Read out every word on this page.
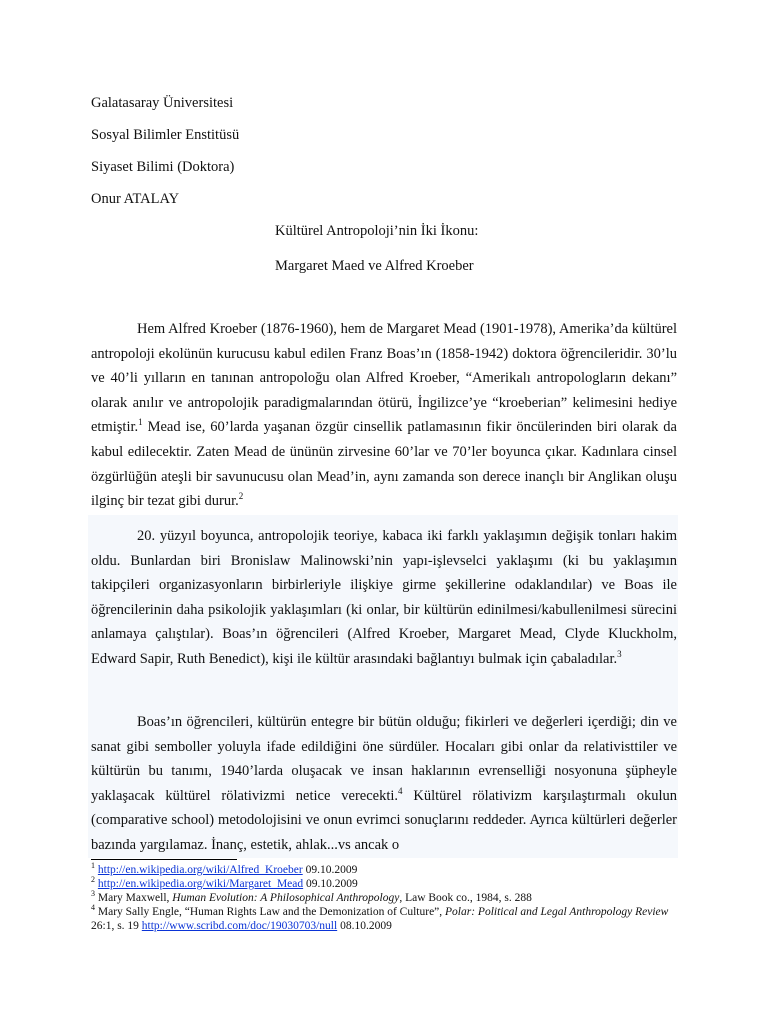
Galatasaray Üniversitesi
Sosyal Bilimler Enstitüsü
Siyaset Bilimi (Doktora)
Onur ATALAY
Kültürel Antropoloji’nin İki İkonu:
Margaret Maed ve Alfred Kroeber

Hem Alfred Kroeber (1876-1960), hem de Margaret Mead (1901-1978), Amerika’da kültürel antropoloji ekolünün kurucusu kabul edilen Franz Boas’ın (1858-1942) doktora öğrencileridir. 30’lu ve 40’li yılların en tanınan antropoloğu olan Alfred Kroeber, “Amerikalı antropologların dekanı” olarak anılır ve antropolojik paradigmalarından ötürü, İngilizce’ye “kroeberian” kelimesini hediye etmiştir.$^1$ Mead ise, 60’larda yaşanan özgür cinsellik patlamasının fikir öncülerinden biri olarak da kabul edilecektir. Zaten Mead de ününün zirvesine 60’lar ve 70’ler boyunca çıkar. Kadınlara cinsel özgürlüğün ateşli bir savunucusu olan Mead’in, aynı zamanda son derece inançlı bir Anglikan oluşu ilginç bir tezat gibi durur.$^2$

20. yüzyıl boyunca, antropolojik teoriye, kabaca iki farklı yaklaşımın değişik tonları hakim oldu. Bunlardan biri Bronislaw Malinowski’nin yapı-işlevselci yaklaşımı (ki bu yaklaşımın takipçileri organizasyonların birbirleriyle ilişkiye girme şekillerine odaklandılar) ve Boas ile öğrencilerinin daha psikolojik yaklaşımları (ki onlar, bir kültürün edinilmesi/kabullenilmesi sürecini anlamaya çalıştılar). Boas’ın öğrencileri (Alfred Kroeber, Margaret Mead, Clyde Kluckholm, Edward Sapir, Ruth Benedict), kişi ile kültür arasındaki bağlantıyı bulmak için çabaladılar.$^3$

Boas’ın öğrencileri, kültürün entegre bir bütün olduğu; fikirleri ve değerleri içerdiği; din ve sanat gibi semboller yoluyla ifade edildiğini öne sürdüler. Hocaları gibi onlar da relativisttiler ve kültürün bu tanımı, 1940’larda oluşacak ve insan haklarının evrenselliği nosyonuna şüpheyle yaklaşacak kültürel rölativizmi netice verecekti.$^4$ Kültürel rölativizm karşılaştırmalı okulun (comparative school) metodolojisini ve onun evrimci sonuçlarını reddeder. Ayrıca kültürleri değerler bazında yargılamaz. İnanç, estetik, ahlak...vs ancak o

$^1$ http://en.wikipedia.org/wiki/Alfred_Kroeber 09.10.2009

$^2$ http://en.wikipedia.org/wiki/Margaret_Mead 09.10.2009

$^3$ Mary Maxwell, Human Evolution: A Philosophical Anthropology, Law Book co., 1984, s. 288

$^4$ Mary Sally Engle, “Human Rights Law and the Demonization of Culture”, Polar: Political and Legal Anthropology Review 26:1, s. 19 http://www.scribd.com/doc/19030703/null 08.10.2009
